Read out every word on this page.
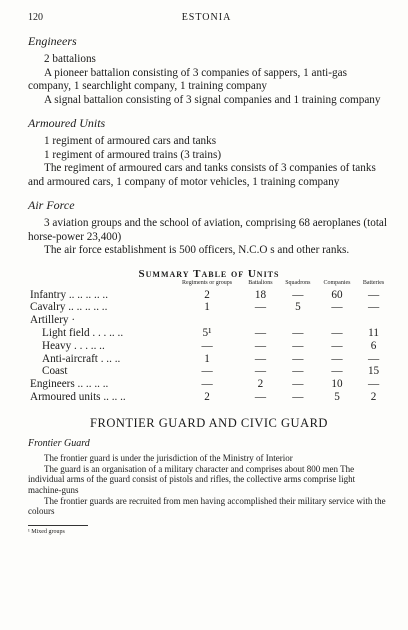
120	ESTONIA

Engineers

2 battalions

A pioneer battalion consisting of 3 companies of sappers, 1 anti-gas company, 1 searchlight company, 1 training company

A signal battalion consisting of 3 signal companies and 1 training company

Armoured Units

1 regiment of armoured cars and tanks

1 regiment of armoured trains (3 trains)

The regiment of armoured cars and tanks consists of 3 companies of tanks and armoured cars, 1 company of motor vehicles, 1 training company

Air Force

3 aviation groups and the school of aviation, comprising 68 aeroplanes (total horse-power 23,400)

The air force establishment is 500 officers, N.C.O s and other ranks.

Summary Table of Units
	Regiments or groups	Battalions	Squadrons	Companies	Batteries
Infantry .. .. .. .. ..	2	18	—	60	—
Cavalry .. .. .. .. ..	1	—	5	—	—
Artillery ·					
Light field . . . .. ..	5¹	—	—	—	11
Heavy . . . .. ..	—	—	—	—	6
Anti-aircraft . .. ..	1	—	—	—	—
Coast	—	—	—	—	15
Engineers .. .. .. ..	—	2	—	10	—
Armoured units .. .. ..	2	—	—	5	2
FRONTIER GUARD AND CIVIC GUARD

Frontier Guard

The frontier guard is under the jurisdiction of the Ministry of Interior

The guard is an organisation of a military character and comprises about 800 men The individual arms of the guard consist of pistols and rifles, the collective arms comprise light machine-guns

The frontier guards are recruited from men having accomplished their military service with the colours

¹ Mixed groups
